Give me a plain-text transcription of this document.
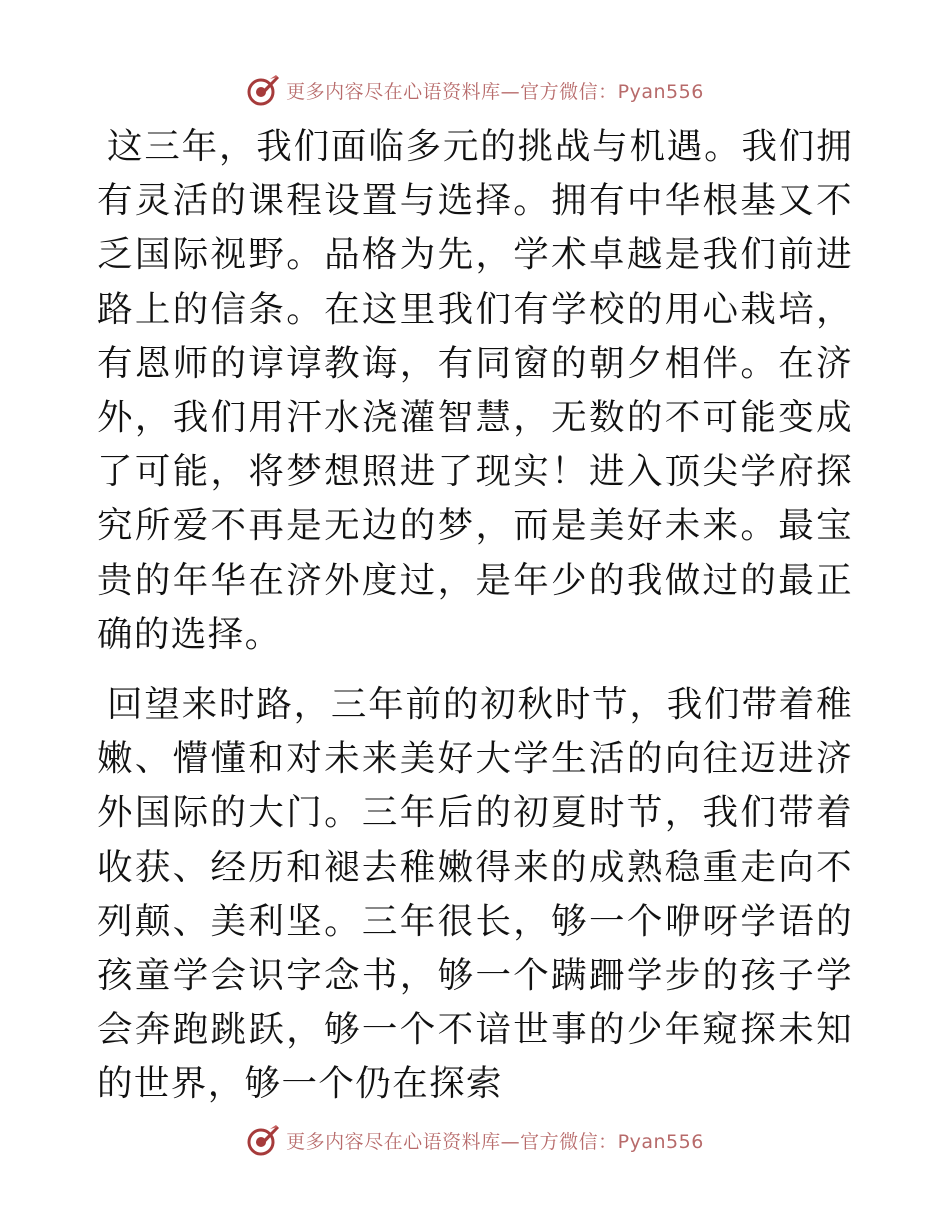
更多内容尽在心语资料库—官方微信：Pyan556

这三年，我们面临多元的挑战与机遇。我们拥有灵活的课程设置与选择。拥有中华根基又不乏国际视野。品格为先，学术卓越是我们前进路上的信条。在这里我们有学校的用心栽培，有恩师的谆谆教诲，有同窗的朝夕相伴。在济外，我们用汗水浇灌智慧，无数的不可能变成了可能，将梦想照进了现实！进入顶尖学府探究所爱不再是无边的梦，而是美好未来。最宝贵的年华在济外度过，是年少的我做过的最正确的选择。

回望来时路，三年前的初秋时节，我们带着稚嫩、懵懂和对未来美好大学生活的向往迈进济外国际的大门。三年后的初夏时节，我们带着收获、经历和褪去稚嫩得来的成熟稳重走向不列颠、美利坚。三年很长，够一个咿呀学语的孩童学会识字念书，够一个蹒跚学步的孩子学会奔跑跳跃，够一个不谙世事的少年窥探未知的世界，够一个仍在探索

更多内容尽在心语资料库—官方微信：Pyan556
